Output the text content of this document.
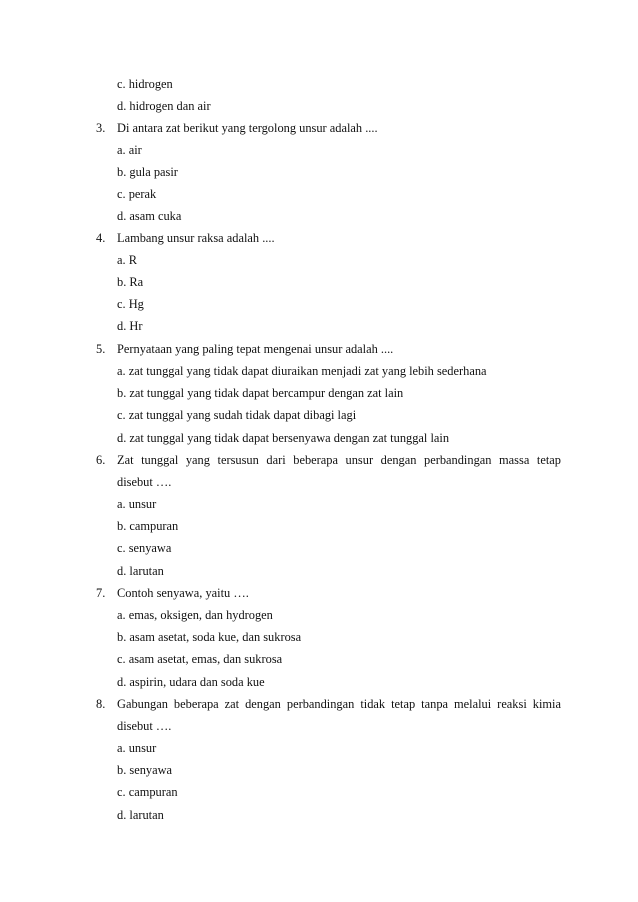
c. hidrogen
d. hidrogen dan air
3. Di antara zat berikut yang tergolong unsur adalah ....
a. air
b. gula pasir
c. perak
d. asam cuka
4. Lambang unsur raksa adalah ....
a. R
b. Ra
c. Hg
d. Hr
5. Pernyataan yang paling tepat mengenai unsur adalah ....
a. zat tunggal yang tidak dapat diuraikan menjadi zat yang lebih sederhana
b. zat tunggal yang tidak dapat bercampur dengan zat lain
c. zat tunggal yang sudah tidak dapat dibagi lagi
d. zat tunggal yang tidak dapat bersenyawa dengan zat tunggal lain
6. Zat tunggal yang tersusun dari beberapa unsur dengan perbandingan massa tetap
disebut ….
a. unsur
b. campuran
c. senyawa
d. larutan
7. Contoh senyawa, yaitu ….
a. emas, oksigen, dan hydrogen
b. asam asetat, soda kue, dan sukrosa
c. asam asetat, emas, dan sukrosa
d. aspirin, udara dan soda kue
8. Gabungan beberapa zat dengan perbandingan tidak tetap tanpa melalui reaksi kimia
disebut ….
a. unsur
b. senyawa
c. campuran
d. larutan
